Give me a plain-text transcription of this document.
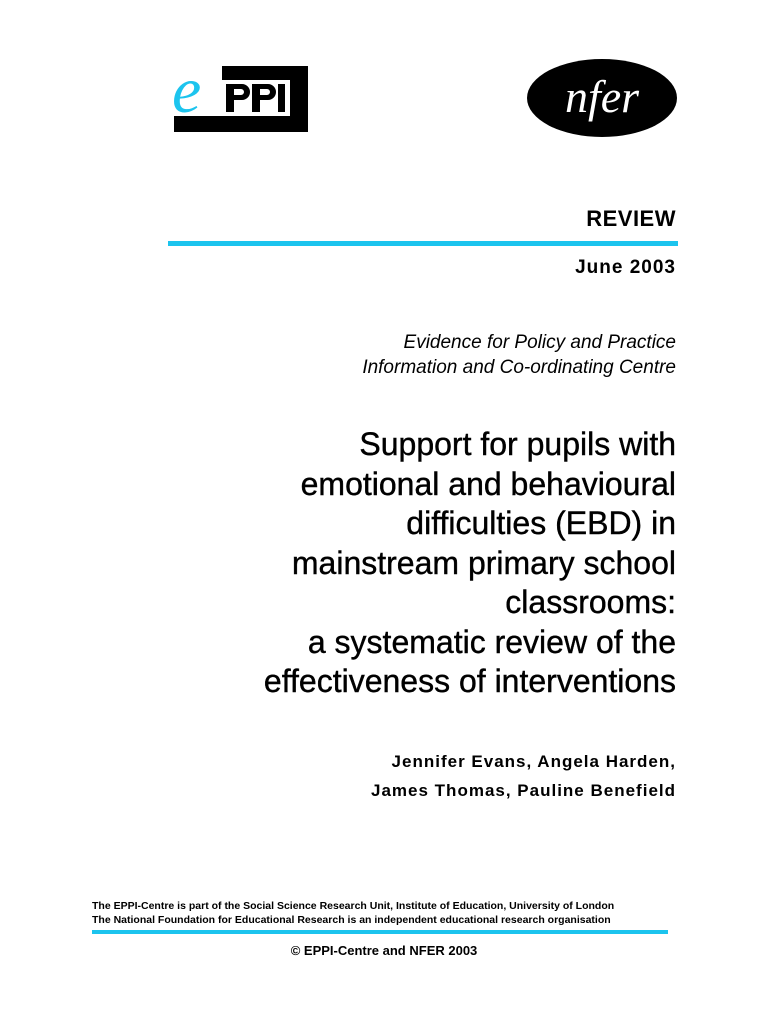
e	nfer
REVIEW
June 2003
Evidence for Policy and Practice
Information and Co-ordinating Centre
Support for pupils with
emotional and behavioural
difficulties (EBD) in
mainstream primary school
classrooms:
a systematic review of the
effectiveness of interventions
Jennifer Evans, Angela Harden,
James Thomas, Pauline Benefield
The EPPI-Centre is part of the Social Science Research Unit, Institute of Education, University of London
The National Foundation for Educational Research is an independent educational research organisation
© EPPI-Centre and NFER 2003
